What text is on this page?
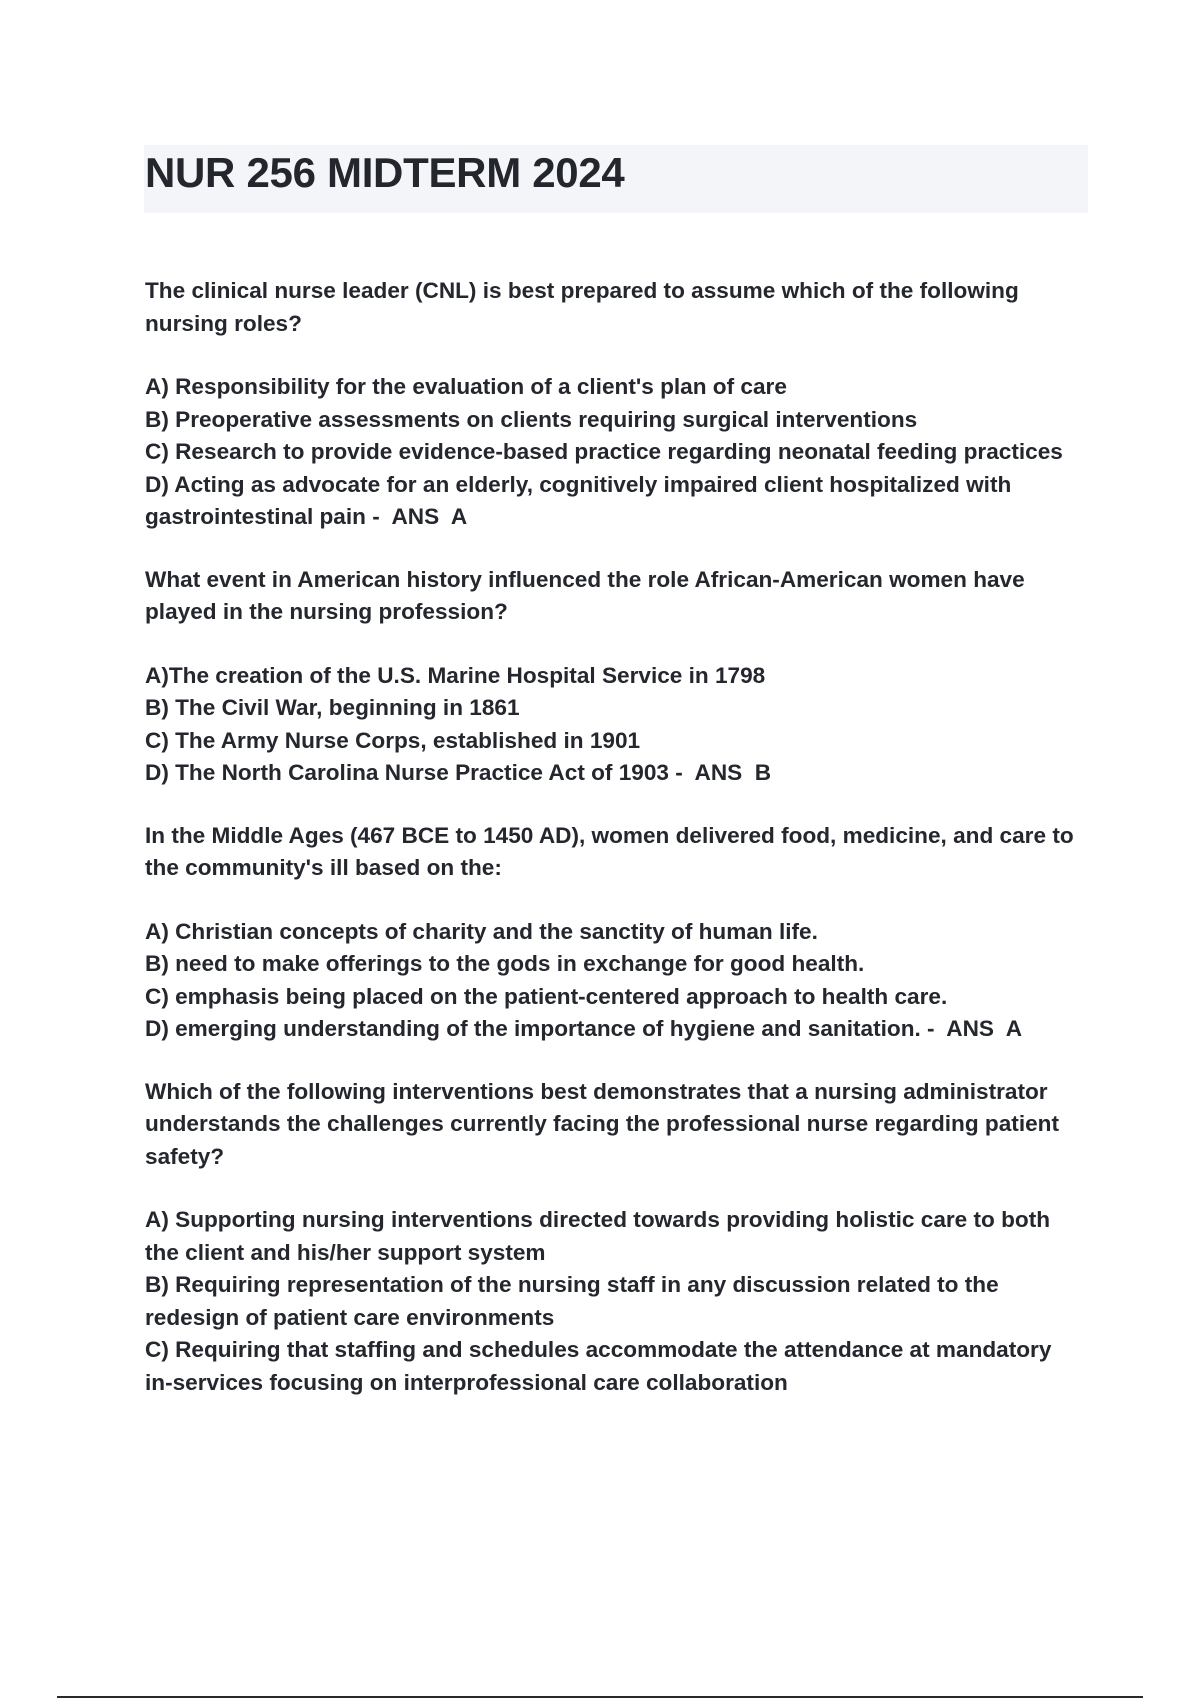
NUR 256 MIDTERM 2024

The clinical nurse leader (CNL) is best prepared to assume which of the following nursing roles?

A) Responsibility for the evaluation of a client's plan of care

B) Preoperative assessments on clients requiring surgical interventions

C) Research to provide evidence-based practice regarding neonatal feeding practices

D) Acting as advocate for an elderly, cognitively impaired client hospitalized with gastrointestinal pain -  ANS  A

What event in American history influenced the role African-American women have played in the nursing profession?

A)The creation of the U.S. Marine Hospital Service in 1798

B) The Civil War, beginning in 1861

C) The Army Nurse Corps, established in 1901

D) The North Carolina Nurse Practice Act of 1903 -  ANS  B

In the Middle Ages (467 BCE to 1450 AD), women delivered food, medicine, and care to the community's ill based on the:

A) Christian concepts of charity and the sanctity of human life.

B) need to make offerings to the gods in exchange for good health.

C) emphasis being placed on the patient-centered approach to health care.

D) emerging understanding of the importance of hygiene and sanitation. -  ANS  A

Which of the following interventions best demonstrates that a nursing administrator understands the challenges currently facing the professional nurse regarding patient safety?

A) Supporting nursing interventions directed towards providing holistic care to both the client and his/her support system

B) Requiring representation of the nursing staff in any discussion related to the redesign of patient care environments

C) Requiring that staffing and schedules accommodate the attendance at mandatory in-services focusing on interprofessional care collaboration
